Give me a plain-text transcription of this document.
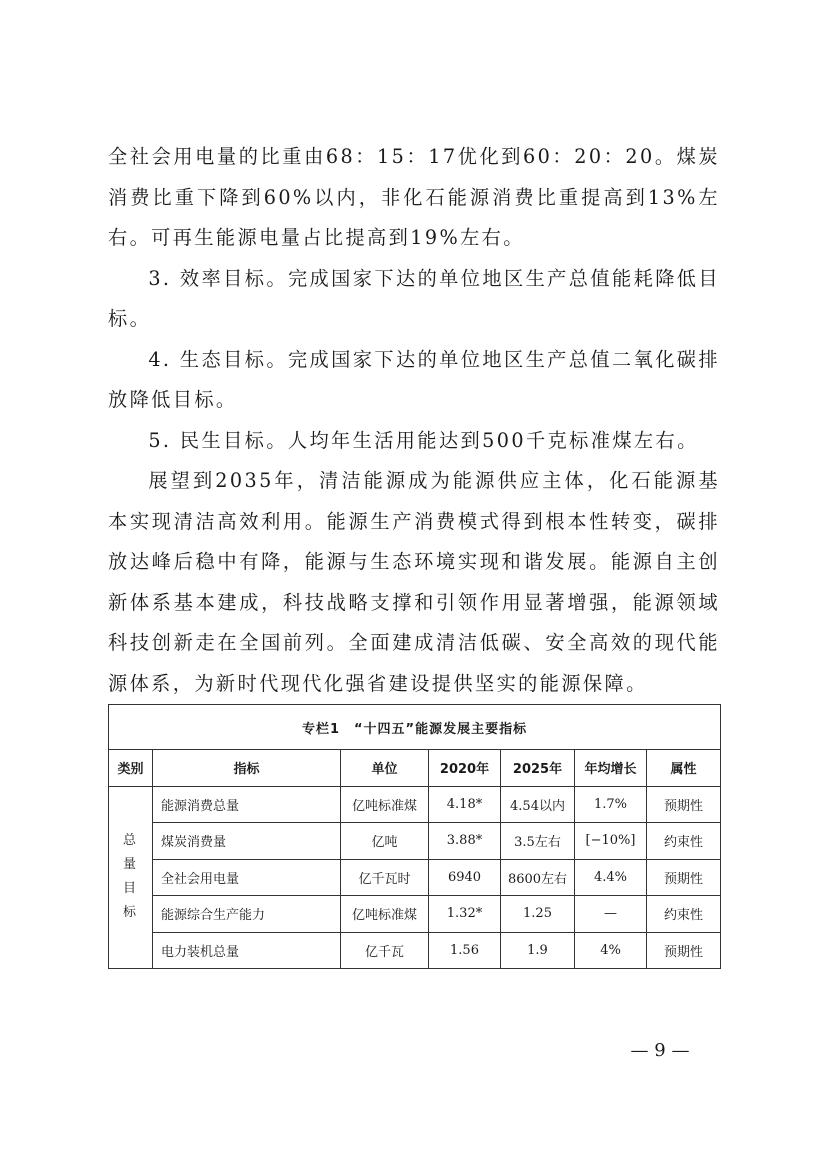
全社会用电量的比重由68：15：17优化到60：20：20。煤炭消费比重下降到60%以内，非化石能源消费比重提高到13%左右。可再生能源电量占比提高到19%左右。

3. 效率目标。完成国家下达的单位地区生产总值能耗降低目标。

4. 生态目标。完成国家下达的单位地区生产总值二氧化碳排放降低目标。

5. 民生目标。人均年生活用能达到500千克标准煤左右。

展望到2035年，清洁能源成为能源供应主体，化石能源基本实现清洁高效利用。能源生产消费模式得到根本性转变，碳排放达峰后稳中有降，能源与生态环境实现和谐发展。能源自主创新体系基本建成，科技战略支撑和引领作用显著增强，能源领域科技创新走在全国前列。全面建成清洁低碳、安全高效的现代能源体系，为新时代现代化强省建设提供坚实的能源保障。

专栏1　“十四五”能源发展主要指标						
类别	指标	单位	2020年	2025年	年均增长	属性
总量目标	能源消费总量	亿吨标准煤	4.18*	4.54以内	1.7%	预期性
	煤炭消费量	亿吨	3.88*	3.5左右	[−10%]	约束性
	全社会用电量	亿千瓦时	6940	8600左右	4.4%	预期性
	能源综合生产能力	亿吨标准煤	1.32*	1.25	—	约束性
	电力装机总量	亿千瓦	1.56	1.9	4%	预期性
— 9 —
